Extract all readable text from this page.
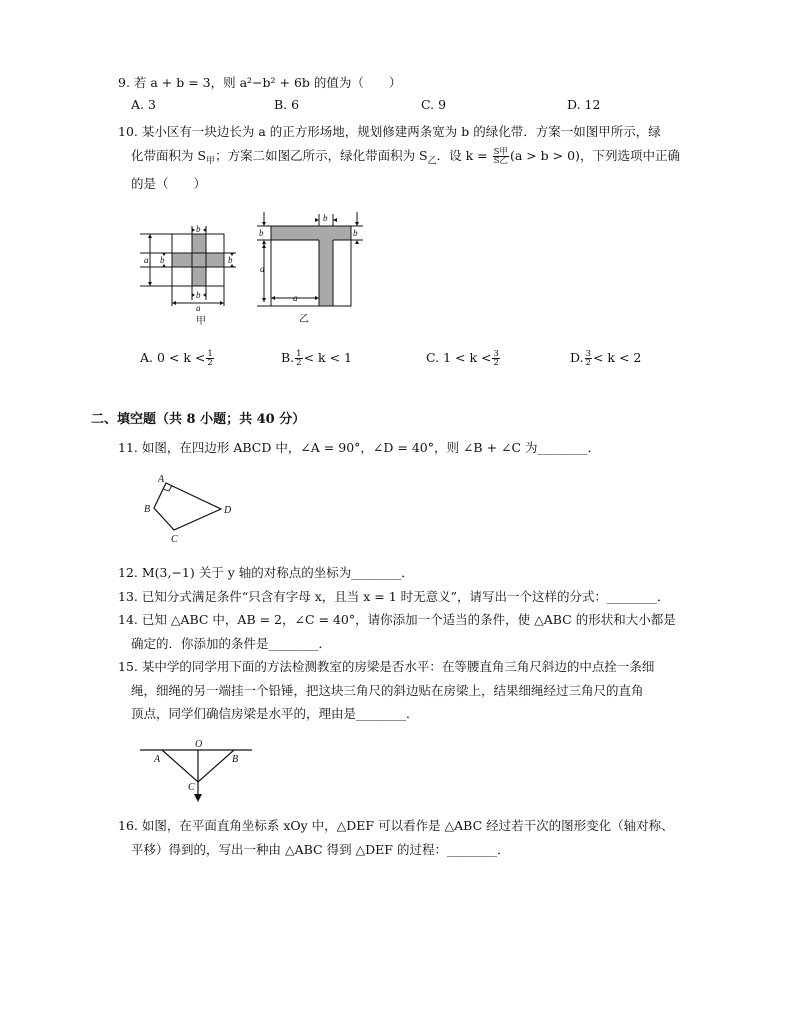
9. 若 a + b = 3，则 a²−b² + 6b 的值为（　　）
A. 3	B. 6	C. 9	D. 12
10. 某小区有一块边长为 a 的正方形场地，规划修建两条宽为 b 的绿化带．方案一如图甲所示，绿
化带面积为 $S_甲$；方案二如图乙所示，绿化带面积为 $S_乙$．设 $k = \frac{\text{S甲}}{\text{S乙}} (a > b > 0)$，下列选项中正确
的是（　　）
b
b
b	b
a
a
甲
b
b	b
a
a
乙
A. $0 < k < \frac{1}{2}$	B. $\frac{1}{2} < k < 1$	C. $1 < k < \frac{3}{2}$	D. $\frac{3}{2} < k < 2$
二、填空题（共 8 小题；共 40 分）
11. 如图，在四边形 ABCD 中，∠A = 90°，∠D = 40°，则 ∠B + ∠C 为________．
A
B
C
D
12. M(3,−1) 关于 y 轴的对称点的坐标为________．
13. 已知分式满足条件“只含有字母 x，且当 x = 1 时无意义”，请写出一个这样的分式：________．
14. 已知 △ABC 中，AB = 2，∠C = 40°，请你添加一个适当的条件，使 △ABC 的形状和大小都是
确定的．你添加的条件是________．
15. 某中学的同学用下面的方法检测教室的房梁是否水平：在等腰直角三角尺斜边的中点拴一条细
绳，细绳的另一端挂一个铅锤，把这块三角尺的斜边贴在房梁上，结果细绳经过三角尺的直角
顶点，同学们确信房梁是水平的，理由是________．
O
A	B
C
16. 如图，在平面直角坐标系 xOy 中，△DEF 可以看作是 △ABC 经过若干次的图形变化（轴对称、
平移）得到的，写出一种由 △ABC 得到 △DEF 的过程：________．
